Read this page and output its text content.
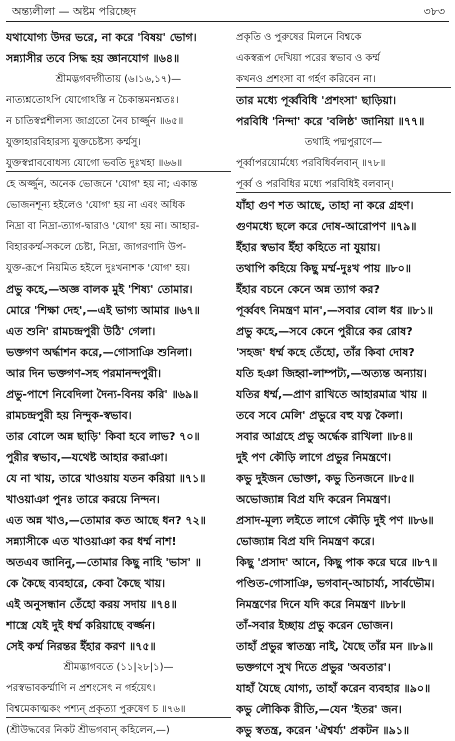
অন্ত্যলীলা — অষ্টম পরিচ্ছেদ	৩৮৩
যথাযোগ্য উদর ভরে, না করে 'বিষয়' ভোগ।
সন্ন্যাসীর তবে সিদ্ধ হয় জ্ঞানযোগ ॥৬৪॥
শ্রীমদ্ভগবদ্গীতায় (৬।১৬,১৭)—
নাত্যশ্নতোঽপি যোগোঽস্তি ন চৈকান্তমনশ্নতঃ।
ন চাতিস্বপ্নশীলস্য জাগ্রতো নৈব চার্জ্জুন ॥৬৫॥
যুক্তাহারবিহারস্য যুক্তচেষ্টস্য কর্ম্মসু।
যুক্তস্বপ্নাববোধস্য যোগো ভবতি দুঃখহা ॥৬৬॥
হে অর্জ্জুন, অনেক ভোজনে 'যোগ' হয় না; একান্ত
ভোজনশূন্য হইলেও 'যোগ' হয় না এবং অধিক
নিদ্রা বা নিদ্রা-ত্যাগ-দ্বারাও 'যোগ' হয় না। আহার-
বিহারকর্ম্ম-সকলে চেষ্টা, নিদ্রা, জাগরণাদি উপ-
যুক্ত-রূপে নিয়মিত হইলে দুঃখনাশক 'যোগ' হয়।
প্রভু কহে,—অজ্ঞ বালক মুই 'শিষ্য' তোমার।
মোরে 'শিক্ষা দেহ',—এই ভাগ্য আমার ॥৬৭॥
এত শুনি' রামচন্দ্রপুরী উঠি' গেলা।
ভক্তগণ অর্দ্ধাশন করে,—গোসাঞি শুনিলা।
আর দিন ভক্তগণ-সহ পরমানন্দপুরী।
প্রভু-পাশে নিবেদিলা দৈন্য-বিনয় করি' ॥৬৯॥
রামচন্দ্রপুরী হয় নিন্দুক-স্বভাব।
তার বোলে অন্ন ছাড়ি' কিবা হবে লাভ? ৭০॥
পুরীর স্বভাব,—যথেষ্ট আহার করাঞা।
যে না খায়, তারে খাওয়ায় যতন করিয়া ॥৭১॥
খাওয়াঞা পুনঃ তারে করয়ে নিন্দন।
এত অন্ন খাও,—তোমার কত আছে ধন? ৭২॥
সন্ন্যাসীকে এত খাওয়াঞা কর ধর্ম্ম নাশ!
অতএব জানিনু,—তোমার কিছু নাহি 'ভাস' ॥
কে কৈছে ব্যবহারে, কেবা কৈছে খায়।
এই অনুসন্ধান তেঁহো করয় সদায় ॥৭৪॥
শাস্ত্রে যেই দুই ধর্ম্ম করিয়াছে বর্জ্জন।
সেই কর্ম্ম নিরন্তর ইঁহার করণ ॥৭৫॥
শ্রীমদ্ভাগবতে (১১|২৮|১)—
পরস্বভাবকর্ম্মাণি ন প্রশংসেৎ ন গর্হয়েৎ।
বিশ্বমেকাত্মকং পশ্যন্ প্রকৃত্যা পুরুষেণ চ ॥৭৬॥
(শ্রীউদ্ধবের নিকট শ্রীভগবান্ কহিলেন,—)
প্রকৃতি ও পুরুষের মিলনে বিশ্বকে
একস্বরূপ দেখিয়া পরের স্বভাব ও কর্ম্ম
কখনও প্রশংসা বা গর্হণ করিবেন না।
তার মধ্যে পূর্ব্ববিধি 'প্রশংসা' ছাড়িয়া।
পরবিধি 'নিন্দা' করে 'বলিষ্ঠ' জানিয়া ॥৭৭॥
তথাহি পদ্মপুরাণে—
পূর্ব্বাপরয়োর্মধ্যে পরবিধির্বলবান্ ॥৭৮॥
পূর্ব্ব ও পরবিধির মধ্যে পরবিধিই বলবান্।
যাঁহা গুণ শত আছে, তাহা না করে গ্রহণ।
গুণমধ্যে ছলে করে দোষ-আরোপণ ॥৭৯॥
ইঁহার স্বভাব ইঁহা কহিতে না যুয়ায়।
তথাপি কহিয়ে কিছু মর্ম্ম-দুঃখ পায় ॥৮০॥
ইঁহার বচনে কেনে অন্ন ত্যাগ কর?
পূর্ব্ববৎ নিমন্ত্রণ মান',—সবার বোল ধর ॥৮১॥
প্রভু কহে,—সবে কেনে পুরীরে কর রোষ?
'সহজ' ধর্ম্ম কহে তেঁহো, তাঁর কিবা দোষ?
যতি হঞা জিহ্বা-লাম্পট্য,—অত্যন্ত অন্যায়।
যতির ধর্ম্ম,—প্রাণ রাখিতে আহারমাত্র খায় ॥
তবে সবে মেলি' প্রভুরে বহু যত্ন কৈলা।
সবার আগ্রহে প্রভু অর্দ্ধেক রাখিলা ॥৮৪॥
দুই পণ কৌড়ি লাগে প্রভুর নিমন্ত্রণে।
কভু দুইজন ভোক্তা, কভু তিনজনে ॥৮৫॥
অভোজ্যান্ন বিপ্র যদি করেন নিমন্ত্রণ।
প্রসাদ-মূল্য লইতে লাগে কৌড়ি দুই পণ ॥৮৬॥
ভোজ্যান্ন বিপ্র যদি নিমন্ত্রণ করে।
কিছু 'প্রসাদ' আনে, কিছু পাক করে ঘরে ॥৮৭॥
পণ্ডিত-গোসাঞি, ভগবান্-আচার্য্য, সার্বভৌম।
নিমন্ত্রণের দিনে যদি করে নিমন্ত্রণ ॥৮৮॥
তাঁ-সবার ইচ্ছায় প্রভু করেন ভোজন।
তাহাঁ প্রভুর স্বাতন্ত্র্য নাই, যৈছে তাঁর মন ॥৮৯॥
ভক্তগণে সুখ দিতে প্রভুর 'অবতার'।
যাহাঁ যৈছে যোগ্য, তাহাঁ করেন ব্যবহার ॥৯০॥
কভু লৌকিক রীতি,—যেন 'ইতর' জন।
কভু স্বতন্ত্র, করেন 'ঐশ্বর্য্য' প্রকটন ॥৯১॥
